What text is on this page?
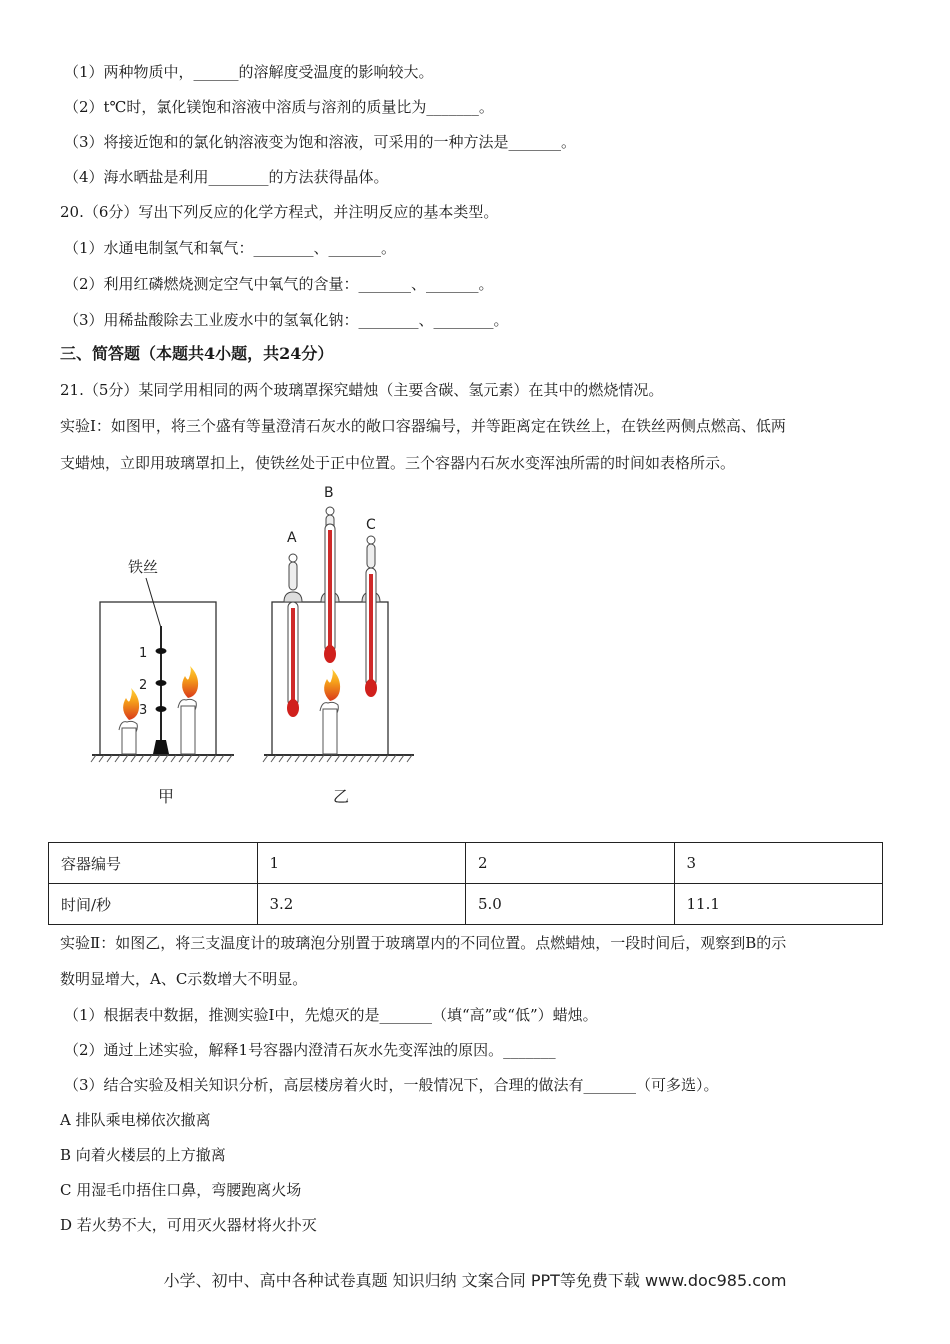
（1）两种物质中，______的溶解度受温度的影响较大。
（2）t℃时，氯化镁饱和溶液中溶质与溶剂的质量比为_______。
（3）将接近饱和的氯化钠溶液变为饱和溶液，可采用的一种方法是_______。
（4）海水晒盐是利用________的方法获得晶体。
20.（6分）写出下列反应的化学方程式，并注明反应的基本类型。
（1）水通电制氢气和氧气：________、_______。
（2）利用红磷燃烧测定空气中氧气的含量：_______、_______。
（3）用稀盐酸除去工业废水中的氢氧化钠：________、________。
三、简答题（本题共4小题，共24分）
21.（5分）某同学用相同的两个玻璃罩探究蜡烛（主要含碳、氢元素）在其中的燃烧情况。
实验Ⅰ：如图甲，将三个盛有等量澄清石灰水的敞口容器编号，并等距离定在铁丝上，在铁丝两侧点燃高、低两
支蜡烛，立即用玻璃罩扣上，使铁丝处于正中位置。三个容器内石灰水变浑浊所需的时间如表格所示。
铁丝
1
2
3
甲
A
B
C
乙
容器编号	1	2	3
时间/秒	3.2	5.0	11.1
实验Ⅱ：如图乙，将三支温度计的玻璃泡分别置于玻璃罩内的不同位置。点燃蜡烛，一段时间后，观察到B的示
数明显增大，A、C示数增大不明显。
（1）根据表中数据，推测实验Ⅰ中，先熄灭的是_______（填“高”或“低”）蜡烛。
（2）通过上述实验，解释1号容器内澄清石灰水先变浑浊的原因。_______
（3）结合实验及相关知识分析，高层楼房着火时，一般情况下，合理的做法有_______（可多选）。
A 排队乘电梯依次撤离
B 向着火楼层的上方撤离
C 用湿毛巾捂住口鼻，弯腰跑离火场
D 若火势不大，可用灭火器材将火扑灭
小学、初中、高中各种试卷真题 知识归纳 文案合同 PPT等免费下载 www.doc985.com
